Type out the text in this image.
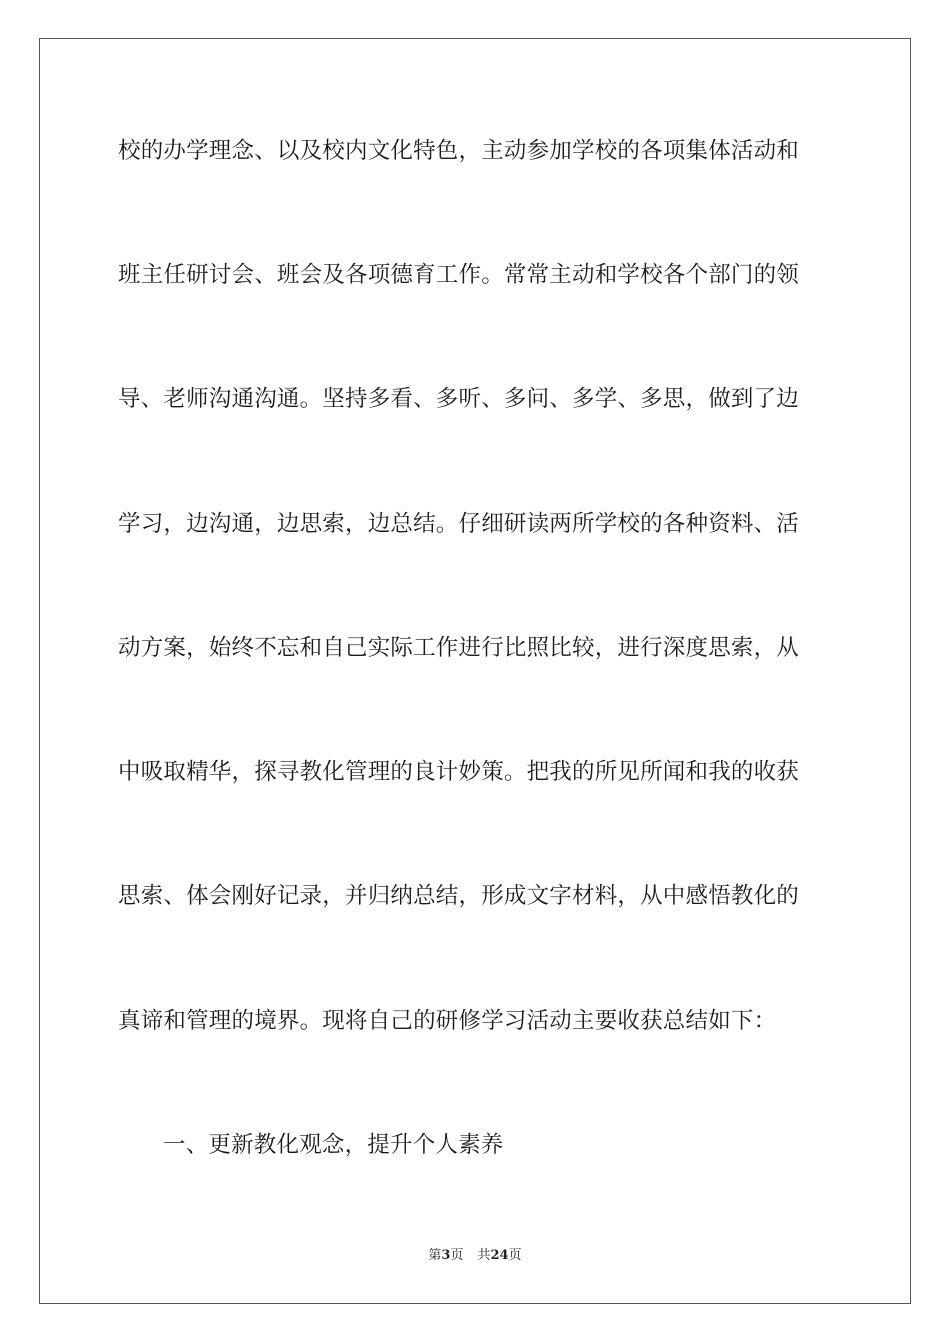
校的办学理念、以及校内文化特色，主动参加学校的各项集体活动和
班主任研讨会、班会及各项德育工作。常常主动和学校各个部门的领
导、老师沟通沟通。坚持多看、多听、多问、多学、多思，做到了边
学习，边沟通，边思索，边总结。仔细研读两所学校的各种资料、活
动方案，始终不忘和自己实际工作进行比照比较，进行深度思索，从
中吸取精华，探寻教化管理的良计妙策。把我的所见所闻和我的收获
思索、体会刚好记录，并归纳总结，形成文字材料，从中感悟教化的
真谛和管理的境界。现将自己的研修学习活动主要收获总结如下：
一、更新教化观念，提升个人素养
第3页 共24页
